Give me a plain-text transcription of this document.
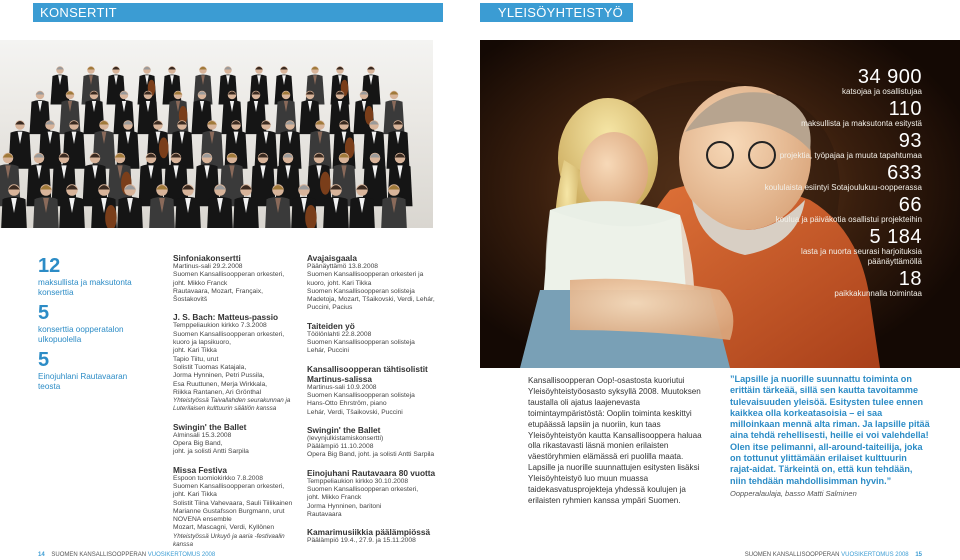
KONSERTIT	YLEISÖYHTEISTYÖ
12
maksullista ja maksutonta konserttia
5
konserttia oopperatalon ulkopuolella
5
Einojuhlani Rautavaaran teosta
Sinfoniakonsertti
Martinus-sali 29.2.2008
Suomen Kansallisoopperan orkesteri,
joht. Mikko Franck
Rautavaara, Mozart, Françaix,
Šostakovitš
J. S. Bach: Matteus-passio
Temppeliaukion kirkko 7.3.2008
Suomen Kansallisoopperan orkesteri,
kuoro ja lapsikuoro,
joht. Kari Tikka
Tapio Tiitu, urut
Solistit Tuomas Katajala,
Jorma Hynninen, Petri Pussila,
Esa Ruuttunen, Merja Wirkkala,
Riikka Rantanen, Ari Grönthal
Yhteistyössä Taivallahden seurakunnan ja Luterilaisen kulttuurin säätiön kanssa
Swingin' the Ballet
Alminsali 15.3.2008
Opera Big Band,
joht. ja solisti Antti Sarpila
Missa Festiva
Espoon tuomiokirkko 7.8.2008
Suomen Kansallisoopperan orkesteri,
joht. Kari Tikka
Solistit Tiina Vahevaara, Sauli Tiilikainen
Marianne Gustafsson Burgmann, urut
NOVENA ensemble
Mozart, Mascagni, Verdi, Kyllönen
Yhteistyössä Urkuyö ja aaria -festivaalin kanssa
Avajaisgaala
Päänäyttämö 13.8.2008
Suomen Kansallisoopperan orkesteri ja
kuoro, joht. Kari Tikka
Suomen Kansallisoopperan solisteja
Madetoja, Mozart, Tšaikovski, Verdi, Lehár,
Puccini, Pacius
Taiteiden yö
Töölönlahti 22.8.2008
Suomen Kansallisoopperan solisteja
Lehár, Puccini
Kansallisoopperan tähtisolistit Martinus-salissa
Martinus-sali 10.9.2008
Suomen Kansallisoopperan solisteja
Hans-Otto Ehrström, piano
Lehár, Verdi, Tšaikovski, Puccini
Swingin' the Ballet
(levynjulkistamiskonsertti)
Päälämpiö 11.10.2008
Opera Big Band, joht. ja solisti Antti Sarpila
Einojuhani Rautavaara 80 vuotta
Temppeliaukion kirkko 30.10.2008
Suomen Kansallisoopperan orkesteri,
joht. Mikko Franck
Jorma Hynninen, baritoni
Rautavaara
Kamarimusiikkia päälämpiössä
Päälämpiö 19.4., 27.9. ja 15.11.2008
34 900
katsojaa ja osallistujaa
110
maksullista ja maksutonta esitystä
93
projektia, työpajaa ja muuta tapahtumaa
633
koululaista esiintyi Sotajoulukuu-oopperassa
66
koulua ja päiväkotia osallistui projekteihin
5 184
lasta ja nuorta seurasi harjoituksia päänäyttämöllä
18
paikkakunnalla toimintaa
Kansallisoopperan Oop!-osastosta kuoriutui Yleisöyhteistyöosasto syksyllä 2008. Muutoksen taustalla oli ajatus laajenevasta toimintaympäristöstä: Ooplin toiminta keskittyi etupäässä lapsiin ja nuoriin, kun taas Yleisöyhteistyön kautta Kansallisooppera haluaa olla rikastavasti läsnä monien erilaisten väestöryhmien elämässä eri puolilla maata. Lapsille ja nuorille suunnattujen esitysten lisäksi Yleisöyhteistyö luo muun muassa taidekasvatusprojekteja yhdessä koulujen ja erilaisten ryhmien kanssa ympäri Suomen.
”Lapsille ja nuorille suunnattu toiminta on erittäin tärkeää, sillä sen kautta tavoitamme tulevaisuuden yleisöä. Esitysten tulee ennen kaikkea olla korkeatasoisia – ei saa milloinkaan mennä alta riman. Ja lapsille pitää aina tehdä rehellisesti, heille ei voi valehdella! Olen itse pelimanni, all-around-taiteilija, joka on tottunut ylittämään erilaiset kulttuurin rajat-aidat. Tärkeintä on, että kun tehdään, niin tehdään mahdollisimman hyvin.”
Oopperalaulaja, basso Matti Salminen
14 SUOMEN KANSALLISOOPPERAN VUOSIKERTOMUS 2008	SUOMEN KANSALLISOOPPERAN VUOSIKERTOMUS 2008 15
